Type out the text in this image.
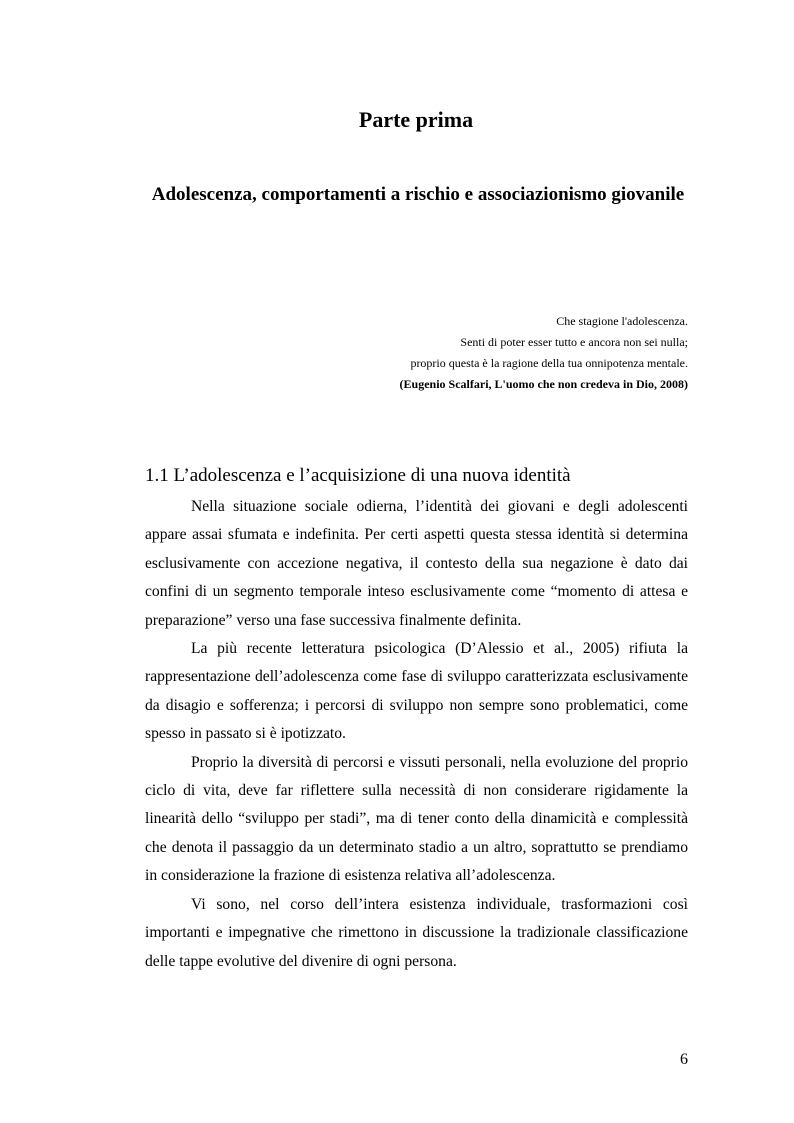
Parte prima
Adolescenza, comportamenti a rischio e associazionismo giovanile
Che stagione l'adolescenza.
Senti di poter esser tutto e ancora non sei nulla;
proprio questa è la ragione della tua onnipotenza mentale.
(Eugenio Scalfari, L'uomo che non credeva in Dio, 2008)
1.1 L’adolescenza e l’acquisizione di una nuova identità

Nella situazione sociale odierna, l’identità dei giovani e degli adolescenti appare assai sfumata e indefinita. Per certi aspetti questa stessa identità si determina esclusivamente con accezione negativa, il contesto della sua negazione è dato dai confini di un segmento temporale inteso esclusivamente come “momento di attesa e preparazione” verso una fase successiva finalmente definita.

La più recente letteratura psicologica (D’Alessio et al., 2005) rifiuta la rappresentazione dell’adolescenza come fase di sviluppo caratterizzata esclusivamente da disagio e sofferenza; i percorsi di sviluppo non sempre sono problematici, come spesso in passato si è ipotizzato.

Proprio la diversità di percorsi e vissuti personali, nella evoluzione del proprio ciclo di vita, deve far riflettere sulla necessità di non considerare rigidamente la linearità dello “sviluppo per stadi”, ma di tener conto della dinamicità e complessità che denota il passaggio da un determinato stadio a un altro, soprattutto se prendiamo in considerazione la frazione di esistenza relativa all’adolescenza.

Vi sono, nel corso dell’intera esistenza individuale, trasformazioni così importanti e impegnative che rimettono in discussione la tradizionale classificazione delle tappe evolutive del divenire di ogni persona.

6
